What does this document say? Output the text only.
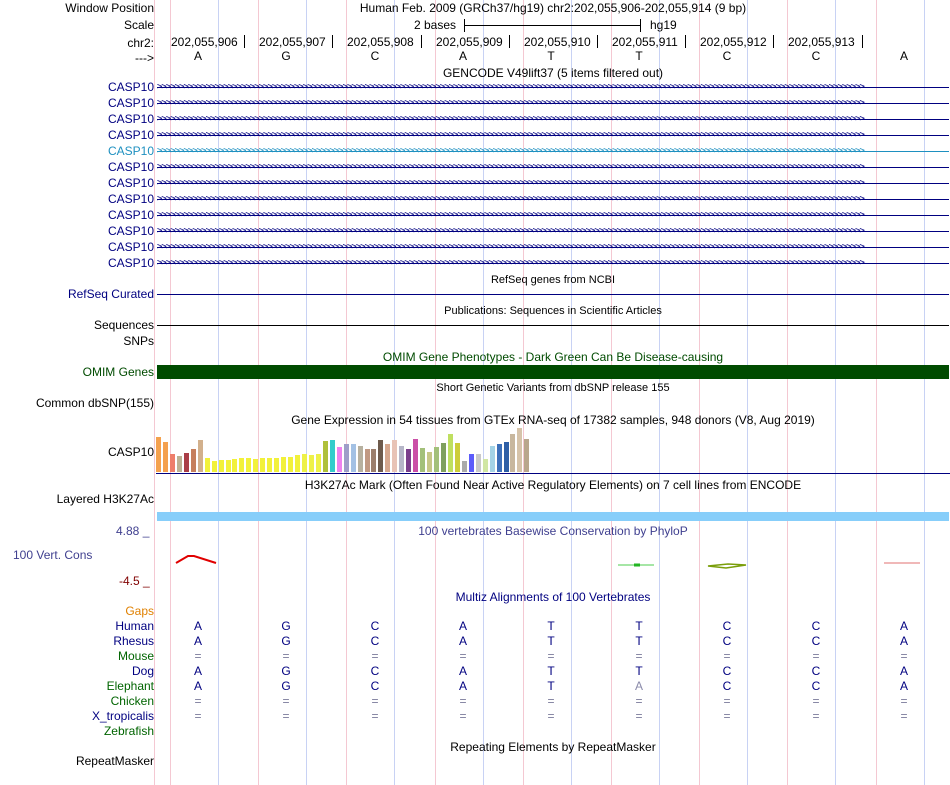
Window Position	Human Feb. 2009 (GRCh37/hg19) chr2:202,055,906-202,055,914 (9 bp)
Scale	2 bases	hg19
chr2: 202,055,906 202,055,907 202,055,908 202,055,909 202,055,910 202,055,911 202,055,912 202,055,913
--->	A	G	C	A	T	T	C	C	A
GENCODE V49lift37 (5 items filtered out)
CASP10 >>>>>>>>>>>>>>>>>>>>>>>>>>>>>>>>>>>>>>>>>>>>>>>>>>>>>>>>>>>>>>>>>>>>>>>>>>>>>>>>>>>>>>>>>>>>>>>>>>>>>>>>>>>>>>>>>>>>>>>>>>>>>>>>>>>>>>>>>>>>>>>>>>>>>>>>>>>>>>>>
CASP10 >>>>>>>>>>>>>>>>>>>>>>>>>>>>>>>>>>>>>>>>>>>>>>>>>>>>>>>>>>>>>>>>>>>>>>>>>>>>>>>>>>>>>>>>>>>>>>>>>>>>>>>>>>>>>>>>>>>>>>>>>>>>>>>>>>>>>>>>>>>>>>>>>>>>>>>>>>>>>>>>
CASP10 >>>>>>>>>>>>>>>>>>>>>>>>>>>>>>>>>>>>>>>>>>>>>>>>>>>>>>>>>>>>>>>>>>>>>>>>>>>>>>>>>>>>>>>>>>>>>>>>>>>>>>>>>>>>>>>>>>>>>>>>>>>>>>>>>>>>>>>>>>>>>>>>>>>>>>>>>>>>>>>>
CASP10 >>>>>>>>>>>>>>>>>>>>>>>>>>>>>>>>>>>>>>>>>>>>>>>>>>>>>>>>>>>>>>>>>>>>>>>>>>>>>>>>>>>>>>>>>>>>>>>>>>>>>>>>>>>>>>>>>>>>>>>>>>>>>>>>>>>>>>>>>>>>>>>>>>>>>>>>>>>>>>>>
CASP10 >>>>>>>>>>>>>>>>>>>>>>>>>>>>>>>>>>>>>>>>>>>>>>>>>>>>>>>>>>>>>>>>>>>>>>>>>>>>>>>>>>>>>>>>>>>>>>>>>>>>>>>>>>>>>>>>>>>>>>>>>>>>>>>>>>>>>>>>>>>>>>>>>>>>>>>>>>>>>>>>
CASP10 >>>>>>>>>>>>>>>>>>>>>>>>>>>>>>>>>>>>>>>>>>>>>>>>>>>>>>>>>>>>>>>>>>>>>>>>>>>>>>>>>>>>>>>>>>>>>>>>>>>>>>>>>>>>>>>>>>>>>>>>>>>>>>>>>>>>>>>>>>>>>>>>>>>>>>>>>>>>>>>>
CASP10 >>>>>>>>>>>>>>>>>>>>>>>>>>>>>>>>>>>>>>>>>>>>>>>>>>>>>>>>>>>>>>>>>>>>>>>>>>>>>>>>>>>>>>>>>>>>>>>>>>>>>>>>>>>>>>>>>>>>>>>>>>>>>>>>>>>>>>>>>>>>>>>>>>>>>>>>>>>>>>>>
CASP10 >>>>>>>>>>>>>>>>>>>>>>>>>>>>>>>>>>>>>>>>>>>>>>>>>>>>>>>>>>>>>>>>>>>>>>>>>>>>>>>>>>>>>>>>>>>>>>>>>>>>>>>>>>>>>>>>>>>>>>>>>>>>>>>>>>>>>>>>>>>>>>>>>>>>>>>>>>>>>>>>
CASP10 >>>>>>>>>>>>>>>>>>>>>>>>>>>>>>>>>>>>>>>>>>>>>>>>>>>>>>>>>>>>>>>>>>>>>>>>>>>>>>>>>>>>>>>>>>>>>>>>>>>>>>>>>>>>>>>>>>>>>>>>>>>>>>>>>>>>>>>>>>>>>>>>>>>>>>>>>>>>>>>>
CASP10 >>>>>>>>>>>>>>>>>>>>>>>>>>>>>>>>>>>>>>>>>>>>>>>>>>>>>>>>>>>>>>>>>>>>>>>>>>>>>>>>>>>>>>>>>>>>>>>>>>>>>>>>>>>>>>>>>>>>>>>>>>>>>>>>>>>>>>>>>>>>>>>>>>>>>>>>>>>>>>>>
CASP10 >>>>>>>>>>>>>>>>>>>>>>>>>>>>>>>>>>>>>>>>>>>>>>>>>>>>>>>>>>>>>>>>>>>>>>>>>>>>>>>>>>>>>>>>>>>>>>>>>>>>>>>>>>>>>>>>>>>>>>>>>>>>>>>>>>>>>>>>>>>>>>>>>>>>>>>>>>>>>>>>
CASP10 >>>>>>>>>>>>>>>>>>>>>>>>>>>>>>>>>>>>>>>>>>>>>>>>>>>>>>>>>>>>>>>>>>>>>>>>>>>>>>>>>>>>>>>>>>>>>>>>>>>>>>>>>>>>>>>>>>>>>>>>>>>>>>>>>>>>>>>>>>>>>>>>>>>>>>>>>>>>>>>>
RefSeq genes from NCBI
RefSeq Curated
Publications: Sequences in Scientific Articles
Sequences
SNPs
OMIM Gene Phenotypes - Dark Green Can Be Disease-causing
OMIM Genes
Short Genetic Variants from dbSNP release 155
Common dbSNP(155)
Gene Expression in 54 tissues from GTEx RNA-seq of 17382 samples, 948 donors (V8, Aug 2019)
CASP10
H3K27Ac Mark (Often Found Near Active Regulatory Elements) on 7 cell lines from ENCODE
Layered H3K27Ac
100 vertebrates Basewise Conservation by PhyloP
4.88 _
100 Vert. Cons
-4.5 _
Multiz Alignments of 100 Vertebrates
Gaps
Human	A	G	C	A	T	T	C	C	A
Rhesus	A	G	C	A	T	T	C	C	A
Mouse	=	=	=	=	=	=	=	=	=
Dog	A	G	C	A	T	T	C	C	A
Elephant	A	G	C	A	T	A	C	C	A
Chicken	=	=	=	=	=	=	=	=	=
X_tropicalis	=	=	=	=	=	=	=	=	=
Zebrafish
Repeating Elements by RepeatMasker
RepeatMasker
